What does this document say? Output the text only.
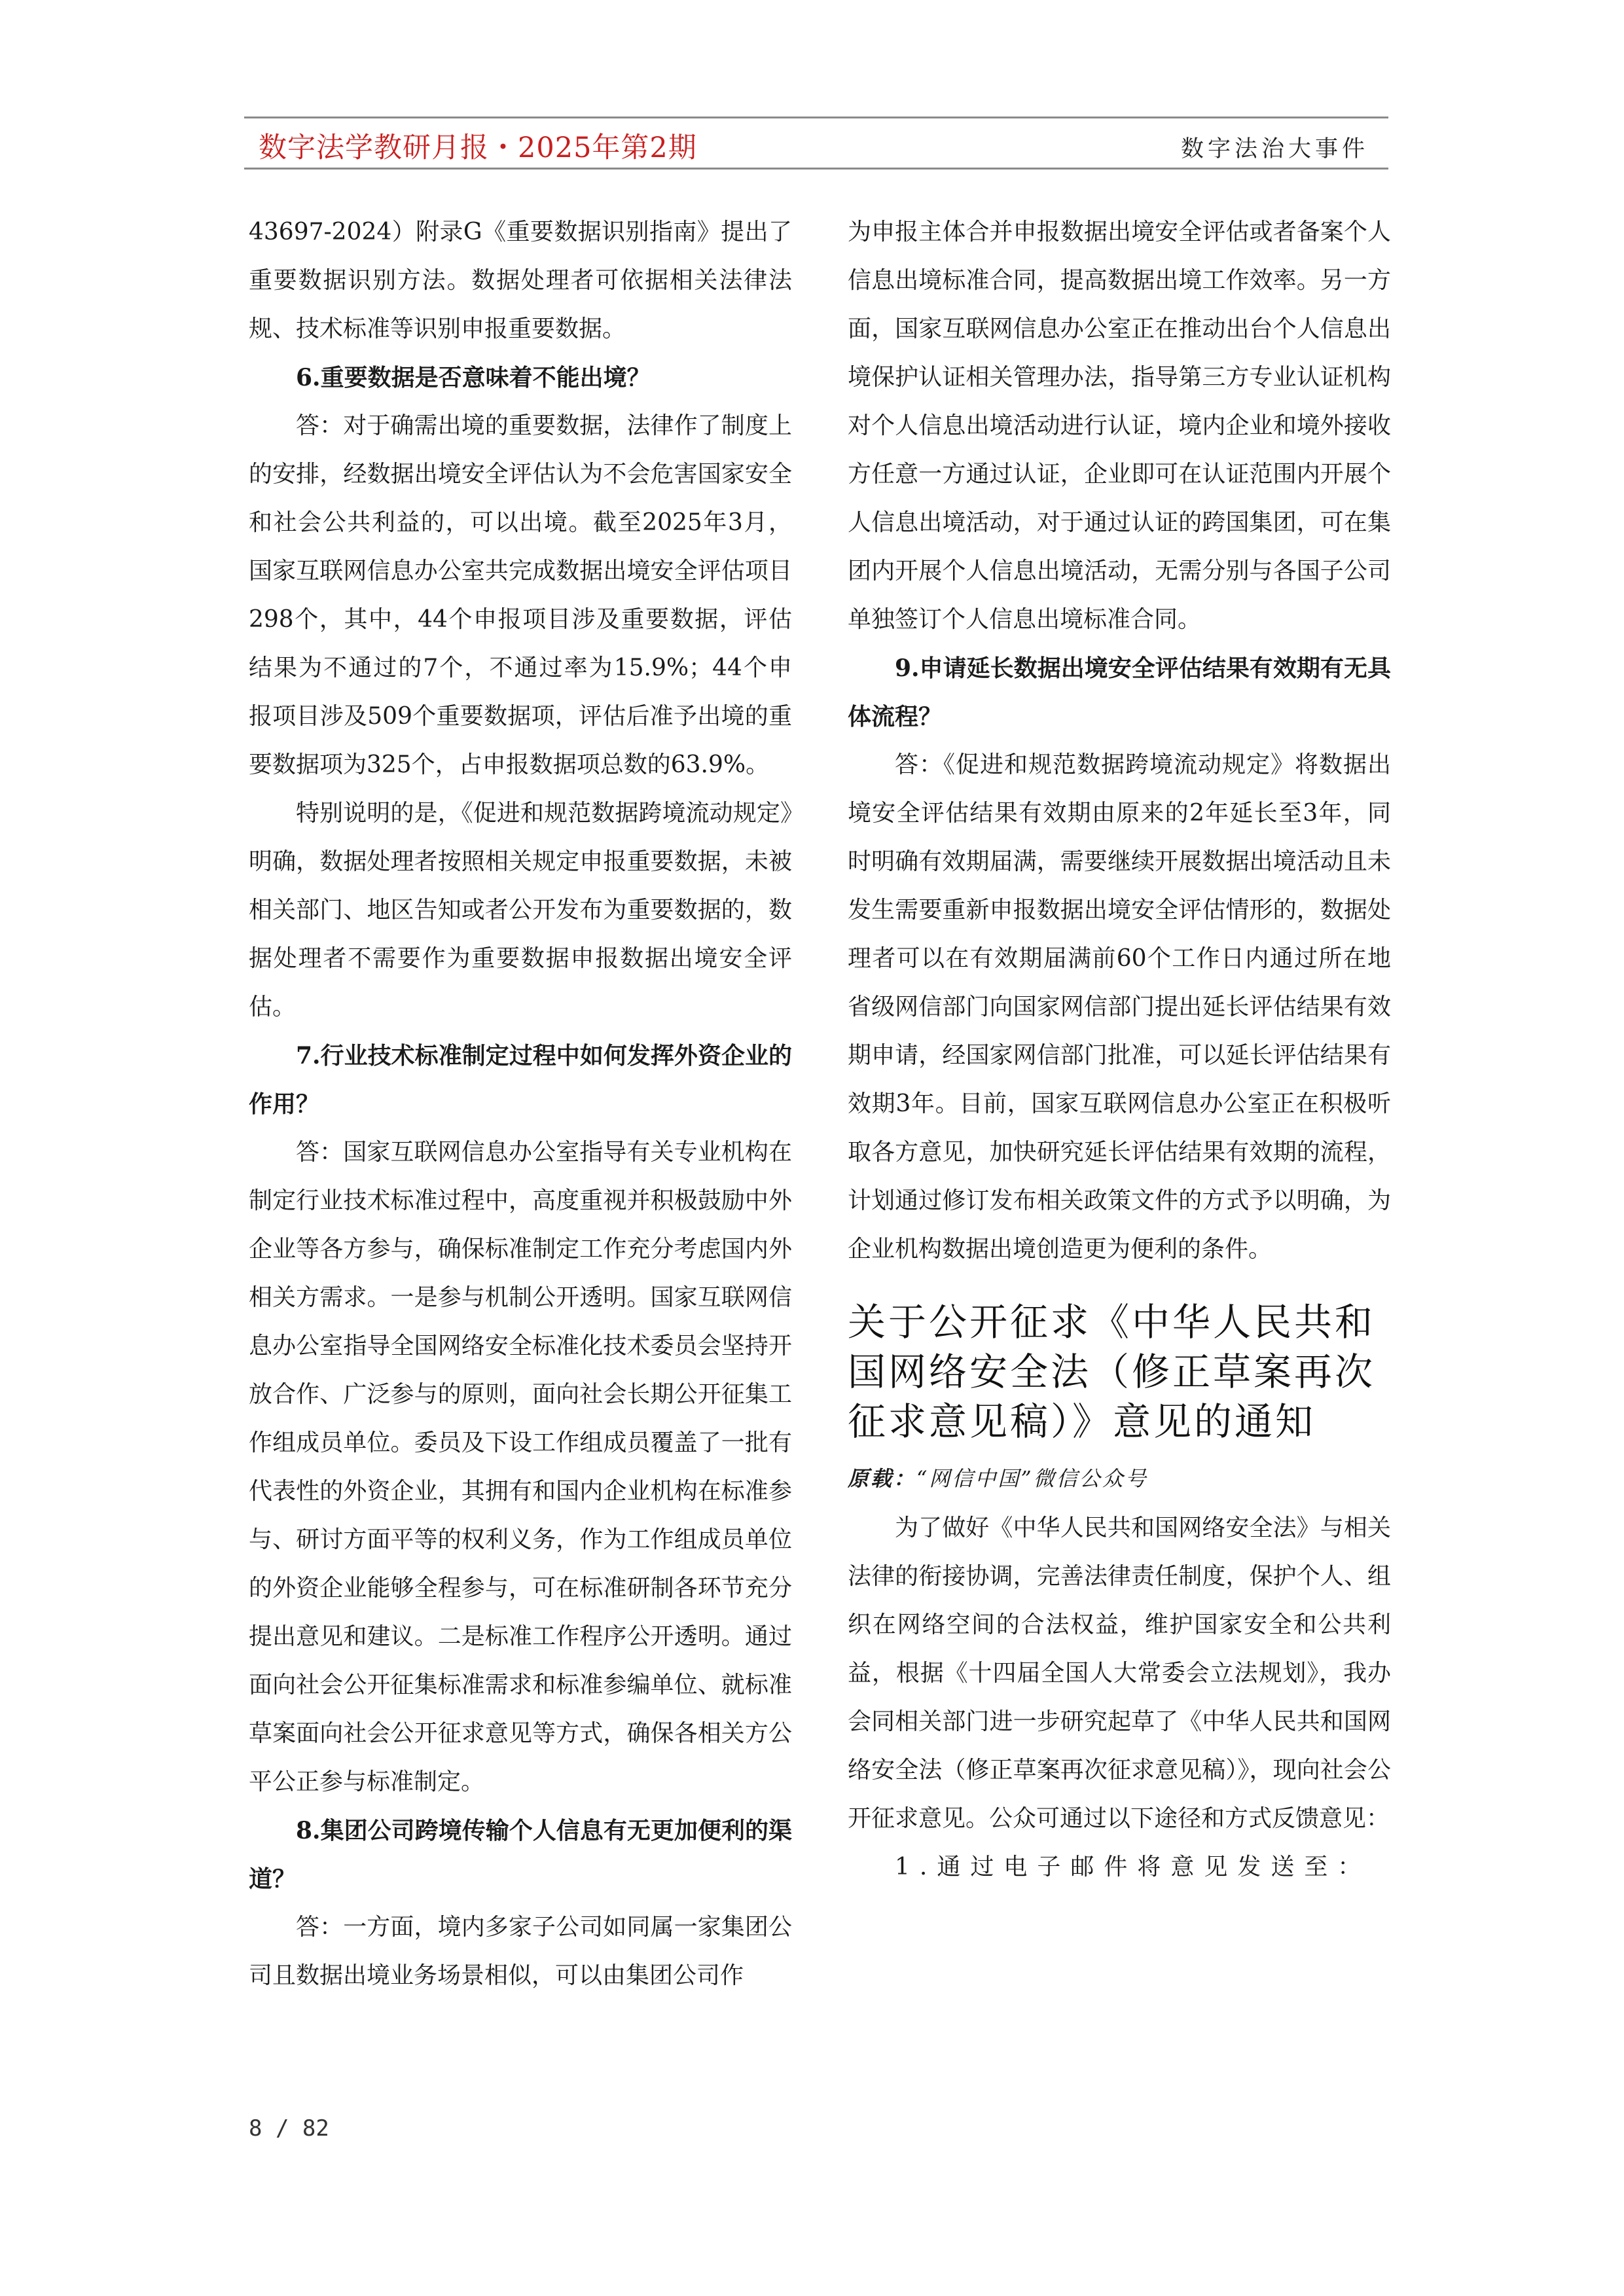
数字法学教研月报・2025年第2期	数字法治大事件

43697-2024）附录G《重要数据识别指南》提出了重要数据识别方法。数据处理者可依据相关法律法规、技术标准等识别申报重要数据。

6.重要数据是否意味着不能出境？

答：对于确需出境的重要数据，法律作了制度上的安排，经数据出境安全评估认为不会危害国家安全和社会公共利益的，可以出境。截至2025年3月，国家互联网信息办公室共完成数据出境安全评估项目298个，其中，44个申报项目涉及重要数据，评估结果为不通过的7个，不通过率为15.9%；44个申报项目涉及509个重要数据项，评估后准予出境的重要数据项为325个，占申报数据项总数的63.9%。

特别说明的是，《促进和规范数据跨境流动规定》明确，数据处理者按照相关规定申报重要数据，未被相关部门、地区告知或者公开发布为重要数据的，数据处理者不需要作为重要数据申报数据出境安全评估。

7.行业技术标准制定过程中如何发挥外资企业的作用？

答：国家互联网信息办公室指导有关专业机构在制定行业技术标准过程中，高度重视并积极鼓励中外企业等各方参与，确保标准制定工作充分考虑国内外相关方需求。一是参与机制公开透明。国家互联网信息办公室指导全国网络安全标准化技术委员会坚持开放合作、广泛参与的原则，面向社会长期公开征集工作组成员单位。委员及下设工作组成员覆盖了一批有代表性的外资企业，其拥有和国内企业机构在标准参与、研讨方面平等的权利义务，作为工作组成员单位的外资企业能够全程参与，可在标准研制各环节充分提出意见和建议。二是标准工作程序公开透明。通过面向社会公开征集标准需求和标准参编单位、就标准草案面向社会公开征求意见等方式，确保各相关方公平公正参与标准制定。

8.集团公司跨境传输个人信息有无更加便利的渠道？

答：一方面，境内多家子公司如同属一家集团公司且数据出境业务场景相似，可以由集团公司作

为申报主体合并申报数据出境安全评估或者备案个人信息出境标准合同，提高数据出境工作效率。另一方面，国家互联网信息办公室正在推动出台个人信息出境保护认证相关管理办法，指导第三方专业认证机构对个人信息出境活动进行认证，境内企业和境外接收方任意一方通过认证，企业即可在认证范围内开展个人信息出境活动，对于通过认证的跨国集团，可在集团内开展个人信息出境活动，无需分别与各国子公司单独签订个人信息出境标准合同。

9.申请延长数据出境安全评估结果有效期有无具体流程？

答：《促进和规范数据跨境流动规定》将数据出境安全评估结果有效期由原来的2年延长至3年，同时明确有效期届满，需要继续开展数据出境活动且未发生需要重新申报数据出境安全评估情形的，数据处理者可以在有效期届满前60个工作日内通过所在地省级网信部门向国家网信部门提出延长评估结果有效期申请，经国家网信部门批准，可以延长评估结果有效期3年。目前，国家互联网信息办公室正在积极听取各方意见，加快研究延长评估结果有效期的流程，计划通过修订发布相关政策文件的方式予以明确，为企业机构数据出境创造更为便利的条件。

关于公开征求《中华人民共和国网络安全法（修正草案再次征求意见稿）》意见的通知
原载：“网信中国”微信公众号

为了做好《中华人民共和国网络安全法》与相关法律的衔接协调，完善法律责任制度，保护个人、组织在网络空间的合法权益，维护国家安全和公共利益，根据《十四届全国人大常委会立法规划》，我办会同相关部门进一步研究起草了《中华人民共和国网络安全法（修正草案再次征求意见稿）》，现向社会公开征求意见。公众可通过以下途径和方式反馈意见：

1.通过电子邮件将意见发送至：

8 / 82
